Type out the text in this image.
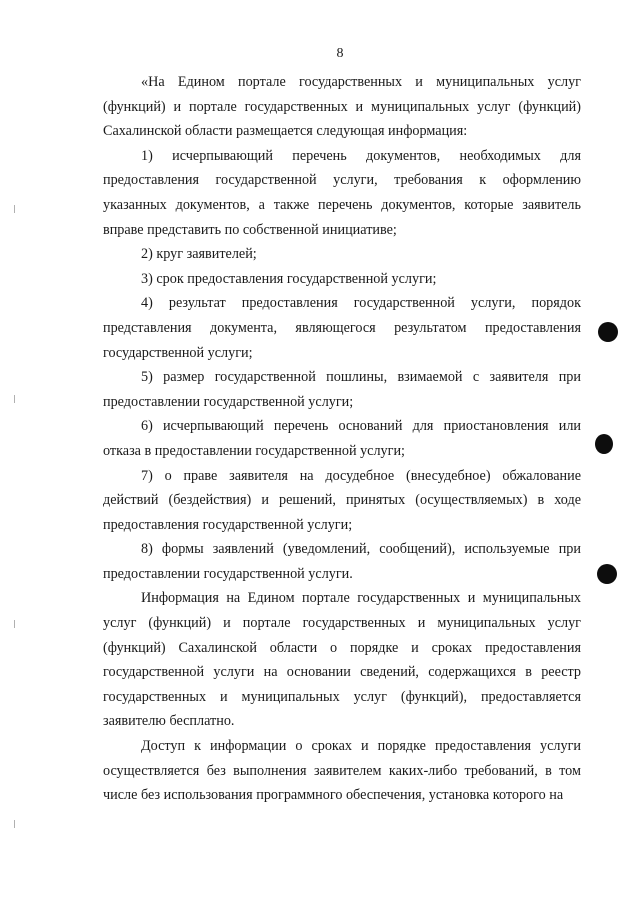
8

«На Едином портале государственных и муниципальных услуг (функций) и портале государственных и муниципальных услуг (функций) Сахалинской области размещается следующая информация:

1) исчерпывающий перечень документов, необходимых для предоставления государственной услуги, требования к оформлению указанных документов, а также перечень документов, которые заявитель вправе представить по собственной инициативе;

2) круг заявителей;

3) срок предоставления государственной услуги;

4) результат предоставления государственной услуги, порядок представления документа, являющегося результатом предоставления государственной услуги;

5) размер государственной пошлины, взимаемой с заявителя при предоставлении государственной услуги;

6) исчерпывающий перечень оснований для приостановления или отказа в предоставлении государственной услуги;

7) о праве заявителя на досудебное (внесудебное) обжалование действий (бездействия) и решений, принятых (осуществляемых) в ходе предоставления государственной услуги;

8) формы заявлений (уведомлений, сообщений), используемые при предоставлении государственной услуги.

Информация на Едином портале государственных и муниципальных услуг (функций) и портале государственных и муниципальных услуг (функций) Сахалинской области о порядке и сроках предоставления государственной услуги на основании сведений, содержащихся в реестр государственных и муниципальных услуг (функций), предоставляется заявителю бесплатно.

Доступ к информации о сроках и порядке предоставления услуги осуществляется без выполнения заявителем каких-либо требований, в том числе без использования программного обеспечения, установка которого на
